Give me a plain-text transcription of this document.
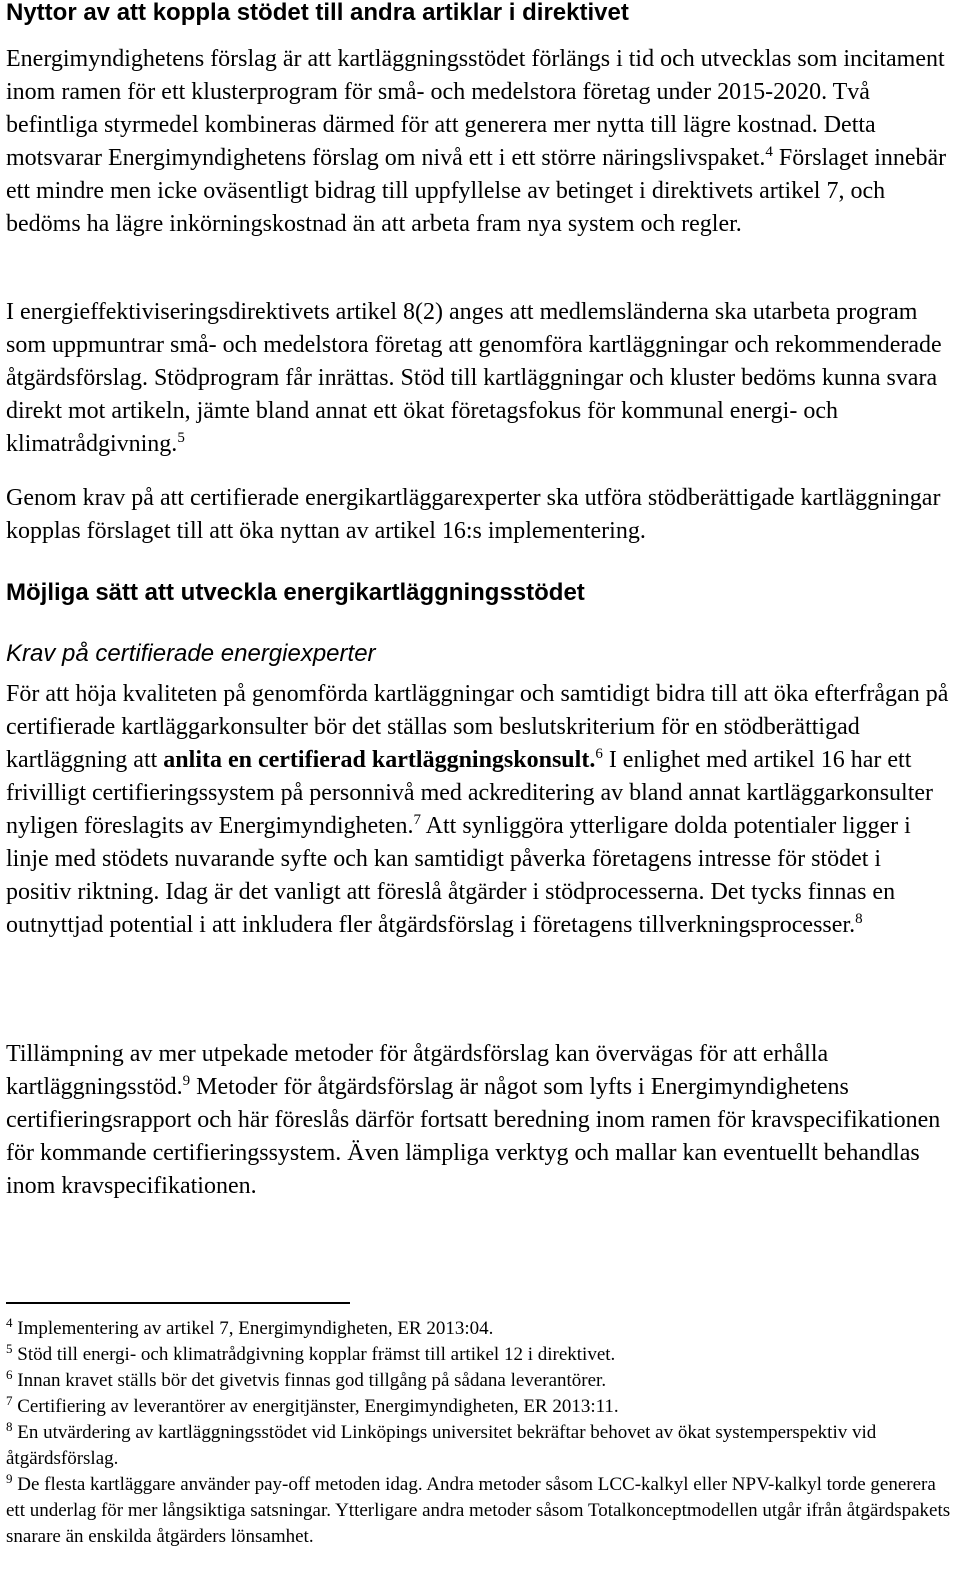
Nyttor av att koppla stödet till andra artiklar i direktivet

Energimyndighetens förslag är att kartläggningsstödet förlängs i tid och utvecklas som incitament inom ramen för ett klusterprogram för små- och medelstora företag under 2015-2020. Två befintliga styrmedel kombineras därmed för att generera mer nytta till lägre kostnad. Detta motsvarar Energimyndighetens förslag om nivå ett i ett större näringslivspaket.$^4$ Förslaget innebär ett mindre men icke oväsentligt bidrag till uppfyllelse av betinget i direktivets artikel 7, och bedöms ha lägre inkörningskostnad än att arbeta fram nya system och regler.

I energieffektiviseringsdirektivets artikel 8(2) anges att medlemsländerna ska utarbeta program som uppmuntrar små- och medelstora företag att genomföra kartläggningar och rekommenderade åtgärdsförslag. Stödprogram får inrättas. Stöd till kartläggningar och kluster bedöms kunna svara direkt mot artikeln, jämte bland annat ett ökat företagsfokus för kommunal energi- och klimatrådgivning.$^5$

Genom krav på att certifierade energikartläggarexperter ska utföra stödberättigade kartläggningar kopplas förslaget till att öka nyttan av artikel 16:s implementering.

Möjliga sätt att utveckla energikartläggningsstödet
Krav på certifierade energiexperter

För att höja kvaliteten på genomförda kartläggningar och samtidigt bidra till att öka efterfrågan på certifierade kartläggarkonsulter bör det ställas som beslutskriterium för en stödberättigad kartläggning att anlita en certifierad kartläggningskonsult.$^6$ I enlighet med artikel 16 har ett frivilligt certifieringssystem på personnivå med ackreditering av bland annat kartläggarkonsulter nyligen föreslagits av Energimyndigheten.$^7$ Att synliggöra ytterligare dolda potentialer ligger i linje med stödets nuvarande syfte och kan samtidigt påverka företagens intresse för stödet i positiv riktning. Idag är det vanligt att föreslå åtgärder i stödprocesserna. Det tycks finnas en outnyttjad potential i att inkludera fler åtgärdsförslag i företagens tillverkningsprocesser.$^8$

Tillämpning av mer utpekade metoder för åtgärdsförslag kan övervägas för att erhålla kartläggningsstöd.$^9$ Metoder för åtgärdsförslag är något som lyfts i Energimyndighetens certifieringsrapport och här föreslås därför fortsatt beredning inom ramen för kravspecifikationen för kommande certifieringssystem. Även lämpliga verktyg och mallar kan eventuellt behandlas inom kravspecifikationen.

$^4$ Implementering av artikel 7, Energimyndigheten, ER 2013:04.
$^5$ Stöd till energi- och klimatrådgivning kopplar främst till artikel 12 i direktivet.
$^6$ Innan kravet ställs bör det givetvis finnas god tillgång på sådana leverantörer.
$^7$ Certifiering av leverantörer av energitjänster, Energimyndigheten, ER 2013:11.
$^8$ En utvärdering av kartläggningsstödet vid Linköpings universitet bekräftar behovet av ökat systemperspektiv vid åtgärdsförslag.
$^9$ De flesta kartläggare använder pay-off metoden idag. Andra metoder såsom LCC-kalkyl eller NPV-kalkyl torde generera ett underlag för mer långsiktiga satsningar. Ytterligare andra metoder såsom Totalkonceptmodellen utgår ifrån åtgärdspakets snarare än enskilda åtgärders lönsamhet.
